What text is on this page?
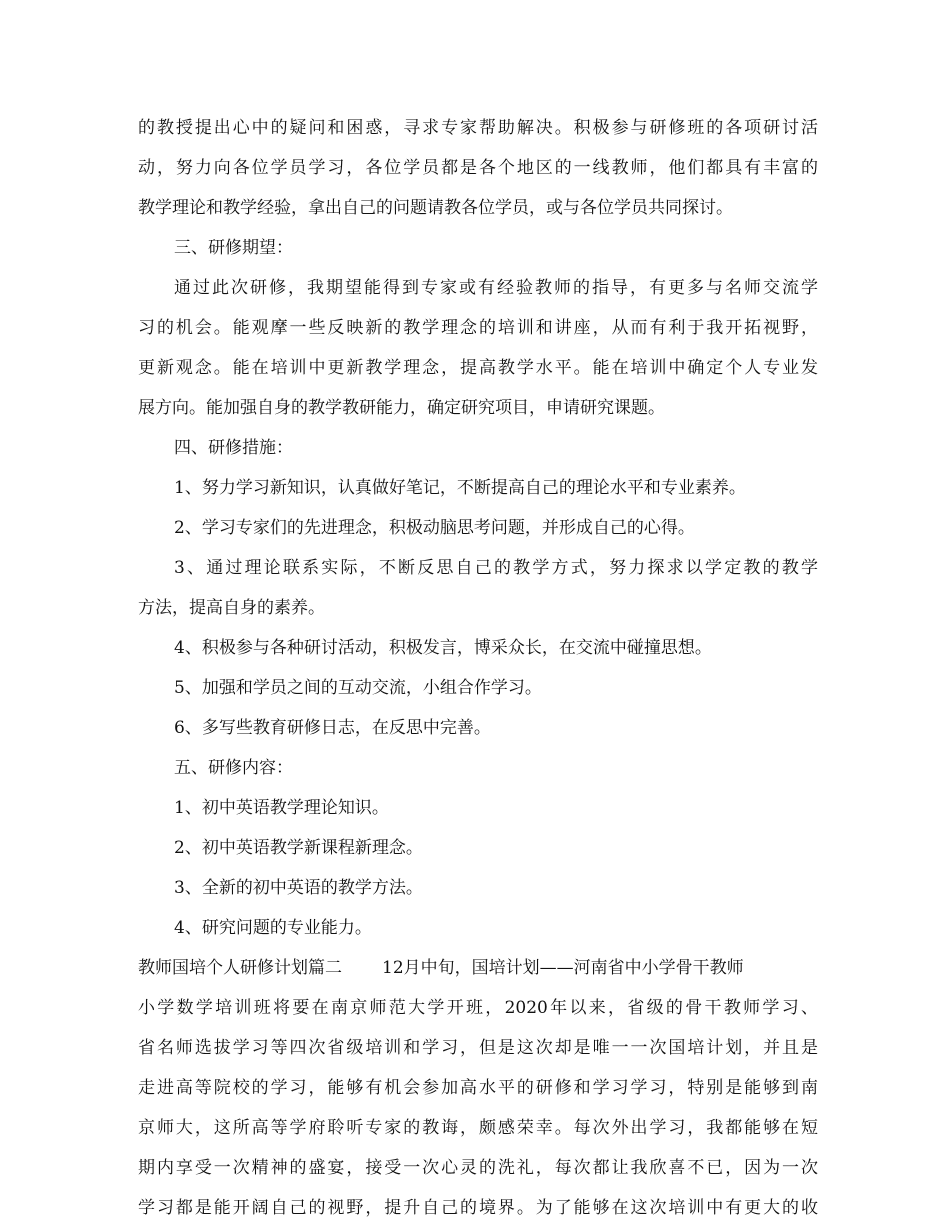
的教授提出心中的疑问和困惑，寻求专家帮助解决。积极参与研修班的各项研讨活
动，努力向各位学员学习，各位学员都是各个地区的一线教师，他们都具有丰富的
教学理论和教学经验，拿出自己的问题请教各位学员，或与各位学员共同探讨。
三、研修期望：
通过此次研修，我期望能得到专家或有经验教师的指导，有更多与名师交流学
习的机会。能观摩一些反映新的教学理念的培训和讲座，从而有利于我开拓视野，
更新观念。能在培训中更新教学理念，提高教学水平。能在培训中确定个人专业发
展方向。能加强自身的教学教研能力，确定研究项目，申请研究课题。
四、研修措施：
1、努力学习新知识，认真做好笔记，不断提高自己的理论水平和专业素养。
2、学习专家们的先进理念，积极动脑思考问题，并形成自己的心得。
3、通过理论联系实际，不断反思自己的教学方式，努力探求以学定教的教学
方法，提高自身的素养。
4、积极参与各种研讨活动，积极发言，博采众长，在交流中碰撞思想。
5、加强和学员之间的互动交流，小组合作学习。
6、多写些教育研修日志，在反思中完善。
五、研修内容：
1、初中英语教学理论知识。
2、初中英语教学新课程新理念。
3、全新的初中英语的教学方法。
4、研究问题的专业能力。
教师国培个人研修计划篇二 12月中旬，国培计划——河南省中小学骨干教师
小学数学培训班将要在南京师范大学开班，2020年以来，省级的骨干教师学习、
省名师选拔学习等四次省级培训和学习，但是这次却是唯一一次国培计划，并且是
走进高等院校的学习，能够有机会参加高水平的研修和学习学习，特别是能够到南
京师大，这所高等学府聆听专家的教诲，颇感荣幸。每次外出学习，我都能够在短
期内享受一次精神的盛宴，接受一次心灵的洗礼，每次都让我欣喜不已，因为一次
学习都是能开阔自己的视野，提升自己的境界。为了能够在这次培训中有更大的收
